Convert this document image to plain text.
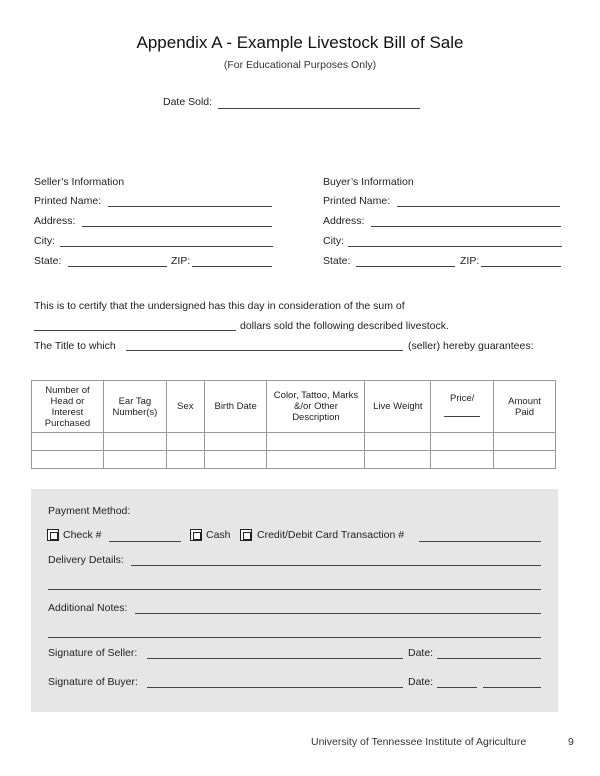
Appendix A - Example Livestock Bill of Sale
(For Educational Purposes Only)
Date Sold:
Seller’s Information
Printed Name:
Address:
City:
State:	ZIP:
Buyer’s Information
Printed Name:
Address:
City:
State:	ZIP:
This is to certify that the undersigned has this day in consideration of the sum of
dollars sold the following described livestock.
The Title to which	(seller) hereby guarantees:
Number of Head or Interest Purchased	Ear Tag Number(s)	Sex	Birth Date	Color, Tattoo, Marks &/or Other Description	Live Weight	Price/	Amount Paid

Payment Method:
Check #	Cash	Credit/Debit Card Transaction #
Delivery Details:
Additional Notes:
Signature of Seller:	Date:
Signature of Buyer:	Date:
University of Tennessee Institute of Agriculture	9
